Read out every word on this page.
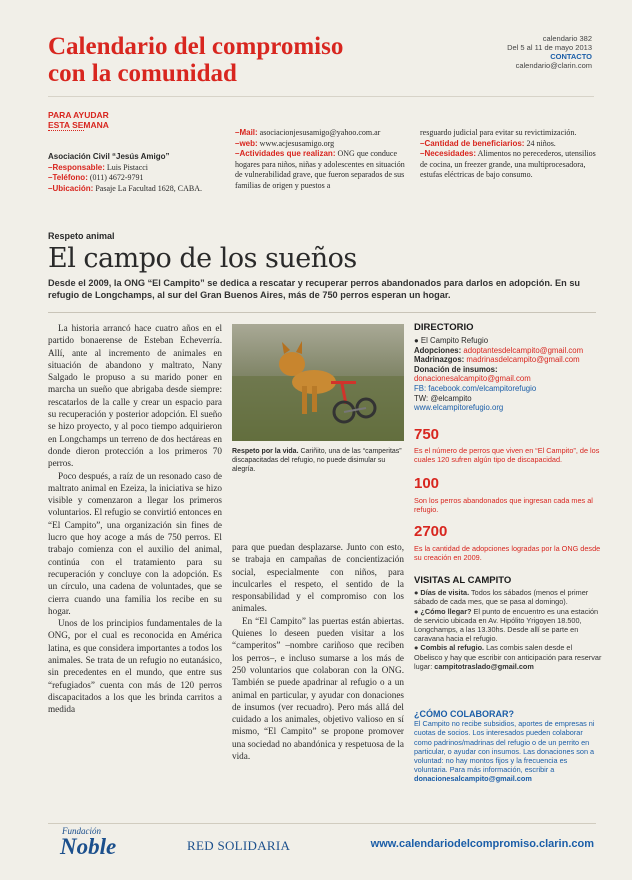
Calendario del compromiso
con la comunidad
calendario 382
Del 5 al 11 de mayo 2013
CONTACTO
calendario@clarin.com
PARA AYUDAR
ESTA SEMANA
Asociación Civil “Jesús Amigo”
–Responsable: Luis Pistacci
–Teléfono: (011) 4672-9791
–Ubicación: Pasaje La Facultad 1628, CABA.
–Mail: asociacionjesusamigo@yahoo.com.ar
–web: www.acjesusamigo.org
–Actividades que realizan: ONG que conduce hogares para niños, niñas y adolescentes en situación de vulnerabilidad grave, que fueron separados de sus familias de origen y puestos a
resguardo judicial para evitar su revictimización.
–Cantidad de beneficiarios: 24 niños.
–Necesidades: Alimentos no perecederos, utensilios de cocina, un freezer grande, una multiprocesadora, estufas eléctricas de bajo consumo.
Respeto animal
El campo de los sueños
Desde el 2009, la ONG “El Campito” se dedica a rescatar y recuperar perros abandonados para darlos en adopción. En su refugio de Longchamps, al sur del Gran Buenos Aires, más de 750 perros esperan un hogar.

La historia arrancó hace cuatro años en el partido bonaerense de Esteban Echeverría. Allí, ante al incremento de animales en situación de abandono y maltrato, Nany Salgado le propuso a su marido poner en marcha un sueño que abrigaba desde siempre: rescatarlos de la calle y crear un espacio para su recuperación y posterior adopción. El sueño se hizo proyecto, y al poco tiempo adquirieron en Longchamps un terreno de dos hectáreas en donde dieron protección a los primeros 70 perros.

Poco después, a raíz de un resonado caso de maltrato animal en Ezeiza, la iniciativa se hizo visible y comenzaron a llegar los primeros voluntarios. El refugio se convirtió entonces en “El Campito”, una organización sin fines de lucro que hoy acoge a más de 750 perros. El trabajo comienza con el auxilio del animal, continúa con el tratamiento para su recuperación y concluye con la adopción. Es un círculo, una cadena de voluntades, que se cierra cuando una familia los recibe en su hogar.

Unos de los principios fundamentales de la ONG, por el cual es reconocida en América latina, es que considera importantes a todos los animales. Se trata de un refugio no eutanásico, sin precedentes en el mundo, que entre sus “refugiados” cuenta con más de 120 perros discapacitados a los que les brinda carritos a medida

Respeto por la vida. Cariñito, una de las “camperitas” discapacitadas del refugio, no puede disimular su alegría.

para que puedan desplazarse. Junto con esto, se trabaja en campañas de concientización social, especialmente con niños, para inculcarles el respeto, el sentido de la responsabilidad y el compromiso con los animales.

En “El Campito” las puertas están abiertas. Quienes lo deseen pueden visitar a los “camperitos” –nombre cariñoso que reciben los perros–, e incluso sumarse a los más de 250 voluntarios que colaboran con la ONG. También se puede apadrinar al refugio o a un animal en particular, y ayudar con donaciones de insumos (ver recuadro). Pero más allá del cuidado a los animales, objetivo valioso en sí mismo, “El Campito” se propone promover una sociedad no abandónica y respetuosa de la vida.

DIRECTORIO
● El Campito Refugio
Adopciones: adoptantesdelcampito@gmail.com
Madrinazgos: madrinasdelcampito@gmail.com
Donación de insumos:
donacionesalcampito@gmail.com
FB: facebook.com/elcampitorefugio
TW: @elcampito
www.elcampitorefugio.org
750
Es el número de perros que viven en “El Campito”, de los cuales 120 sufren algún tipo de discapacidad.
100
Son los perros abandonados que ingresan cada mes al refugio.
2700
Es la cantidad de adopciones logradas por la ONG desde su creación en 2009.
VISITAS AL CAMPITO
● Días de visita. Todos los sábados (menos el primer sábado de cada mes, que se pasa al domingo).
● ¿Cómo llegar? El punto de encuentro es una estación de servicio ubicada en Av. Hipólito Yrigoyen 18.500, Longchamps, a las 13.30hs. Desde allí se parte en caravana hacia el refugio.
● Combis al refugio. Las combis salen desde el Obelisco y hay que escribir con anticipación para reservar lugar: campitotraslado@gmail.com
¿CÓMO COLABORAR?
El Campito no recibe subsidios, aportes de empresas ni cuotas de socios. Los interesados pueden colaborar como padrinos/madrinas del refugio o de un perrito en particular, o ayudar con insumos. Las donaciones son a voluntad: no hay montos fijos y la frecuencia es voluntaria. Para más información, escribir a donacionesalcampito@gmail.com
Fundación
Noble	RED SOLIDARIA	www.calendariodelcompromiso.clarin.com
